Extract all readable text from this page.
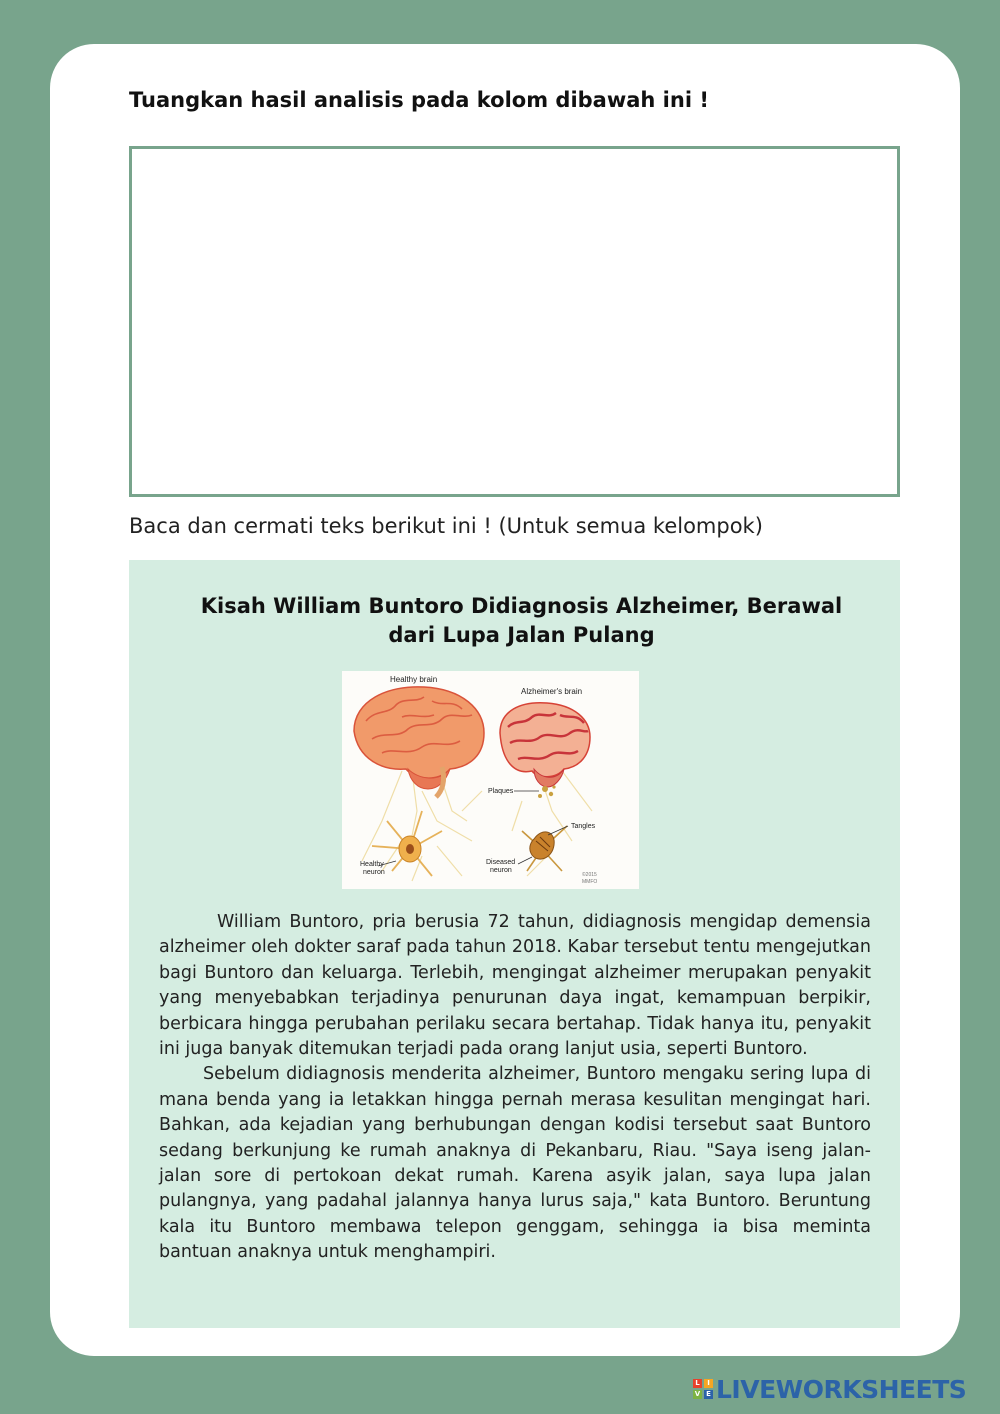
Tuangkan hasil analisis pada kolom dibawah ini !

Baca dan cermati teks berikut ini ! (Untuk semua kelompok)

Kisah William Buntoro Didiagnosis Alzheimer, Berawal
dari Lupa Jalan Pulang
Healthy brain
Alzheimer's brain
Plaques
Tangles
Healthy
neuron
Diseased
neuron
©2015
MMFO

William Buntoro, pria berusia 72 tahun, didiagnosis mengidap demensia alzheimer oleh dokter saraf pada tahun 2018. Kabar tersebut tentu mengejutkan bagi Buntoro dan keluarga. Terlebih, mengingat alzheimer merupakan penyakit yang menyebabkan terjadinya penurunan daya ingat, kemampuan berpikir, berbicara hingga perubahan perilaku secara bertahap. Tidak hanya itu, penyakit ini juga banyak ditemukan terjadi pada orang lanjut usia, seperti Buntoro.

Sebelum didiagnosis menderita alzheimer, Buntoro mengaku sering lupa di mana benda yang ia letakkan hingga pernah merasa kesulitan mengingat hari. Bahkan, ada kejadian yang berhubungan dengan kodisi tersebut saat Buntoro sedang berkunjung ke rumah anaknya di Pekanbaru, Riau. "Saya iseng jalan-jalan sore di pertokoan dekat rumah. Karena asyik jalan, saya lupa jalan pulangnya, yang padahal jalannya hanya lurus saja," kata Buntoro. Beruntung kala itu Buntoro membawa telepon genggam, sehingga ia bisa meminta bantuan anaknya untuk menghampiri.

L	I
V E LIVEWORKSHEETS
